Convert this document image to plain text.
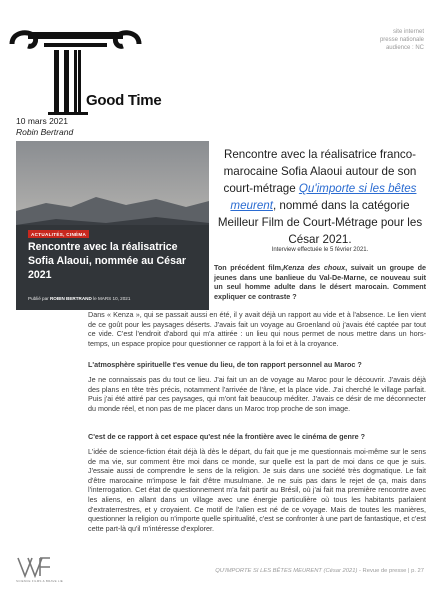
Good Time
site internet
presse nationale
audience : NC
10 mars 2021
Robin Bertrand
ACTUALITÉS, CINÉMA
Rencontre avec la réalisatrice Sofia Alaoui, nommée au César 2021
Publié par ROBIN BERTRAND le MARS 10, 2021
Rencontre avec la réalisatrice franco-marocaine Sofia Alaoui autour de son court-métrage Qu'importe si les bêtes meurent, nommé dans la catégorie Meilleur Film de Court-Métrage pour les César 2021.
Interview effectuée le 5 février 2021.
Ton précédent film,Kenza des choux, suivait un groupe de jeunes dans une banlieue du Val-De-Marne, ce nouveau suit un seul homme adulte dans le désert marocain. Comment expliquer ce contraste ?
Dans « Kenza », qui se passait aussi en été, il y avait déjà un rapport au vide et à l'absence. Le lien vient de ce goût pour les paysages déserts. J'avais fait un voyage au Groenland où j'avais été captée par tout ce vide. C'est l'endroit d'abord qui m'a attirée : un lieu qui nous permet de nous mettre dans un hors-temps, un espace propice pour questionner ce rapport à la foi et à la croyance.
L'atmosphère spirituelle t'es venue du lieu, de ton rapport personnel au Maroc ?
Je ne connaissais pas du tout ce lieu. J'ai fait un an de voyage au Maroc pour le découvrir. J'avais déjà des plans en tête très précis, notamment l'arrivée de l'âne, et la place vide. J'ai cherché le village parfait. Puis j'ai été attiré par ces paysages, qui m'ont fait beaucoup méditer. J'avais ce désir de me déconnecter du monde réel, et non pas de me placer dans un Maroc trop proche de son image.
C'est de ce rapport à cet espace qu'est née la frontière avec le cinéma de genre ?
L'idée de science-fiction était déjà là dès le départ, du fait que je me questionnais moi-même sur le sens de ma vie, sur comment être moi dans ce monde, sur quelle est la part de moi dans ce que je suis. J'essaie aussi de comprendre le sens de la religion. Je suis dans une société très dogmatique. Le fait d'être marocaine m'impose le fait d'être musulmane. Je ne suis pas dans le rejet de ça, mais dans l'interrogation. Cet état de questionnement m'a fait partir au Brésil, où j'ai fait ma première rencontre avec les aliens, en allant dans un village avec une énergie particulière où tous les habitants parlaient d'extraterrestres, et y croyaient. Ce motif de l'alien est né de ce voyage. Mais de toutes les manières, questionner la religion ou n'importe quelle spiritualité, c'est se confronter à une part de fantastique, et c'est cette part-là qu'il m'intéresse d'explorer.
SCIENCE FILMS & BRAVE LIE
QU'IMPORTE SI LES BÊTES MEURENT (César 2021) - Revue de presse | p. 27
